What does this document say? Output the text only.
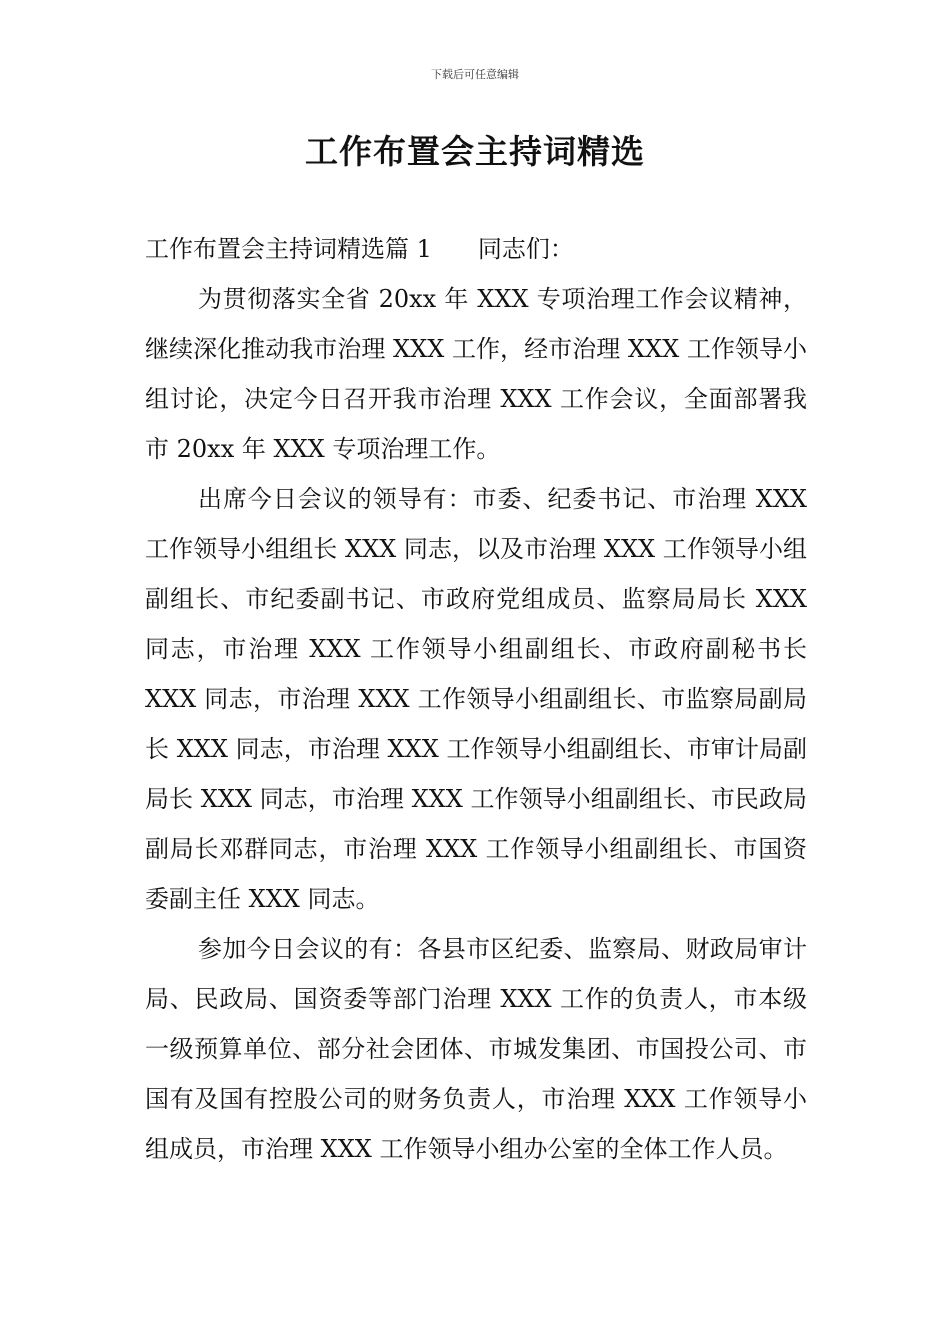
下载后可任意编辑
工作布置会主持词精选

工作布置会主持词精选篇 1 同志们：

为贯彻落实全省 20xx 年 XXX 专项治理工作会议精神，继续深化推动我市治理 XXX 工作，经市治理 XXX 工作领导小组讨论，决定今日召开我市治理 XXX 工作会议，全面部署我市 20xx 年 XXX 专项治理工作。

出席今日会议的领导有：市委、纪委书记、市治理 XXX 工作领导小组组长 XXX 同志，以及市治理 XXX 工作领导小组副组长、市纪委副书记、市政府党组成员、监察局局长 XXX 同志，市治理 XXX 工作领导小组副组长、市政府副秘书长 XXX 同志，市治理 XXX 工作领导小组副组长、市监察局副局长 XXX 同志，市治理 XXX 工作领导小组副组长、市审计局副局长 XXX 同志，市治理 XXX 工作领导小组副组长、市民政局副局长邓群同志，市治理 XXX 工作领导小组副组长、市国资委副主任 XXX 同志。

参加今日会议的有：各县市区纪委、监察局、财政局审计局、民政局、国资委等部门治理 XXX 工作的负责人，市本级一级预算单位、部分社会团体、市城发集团、市国投公司、市国有及国有控股公司的财务负责人，市治理 XXX 工作领导小组成员，市治理 XXX 工作领导小组办公室的全体工作人员。
